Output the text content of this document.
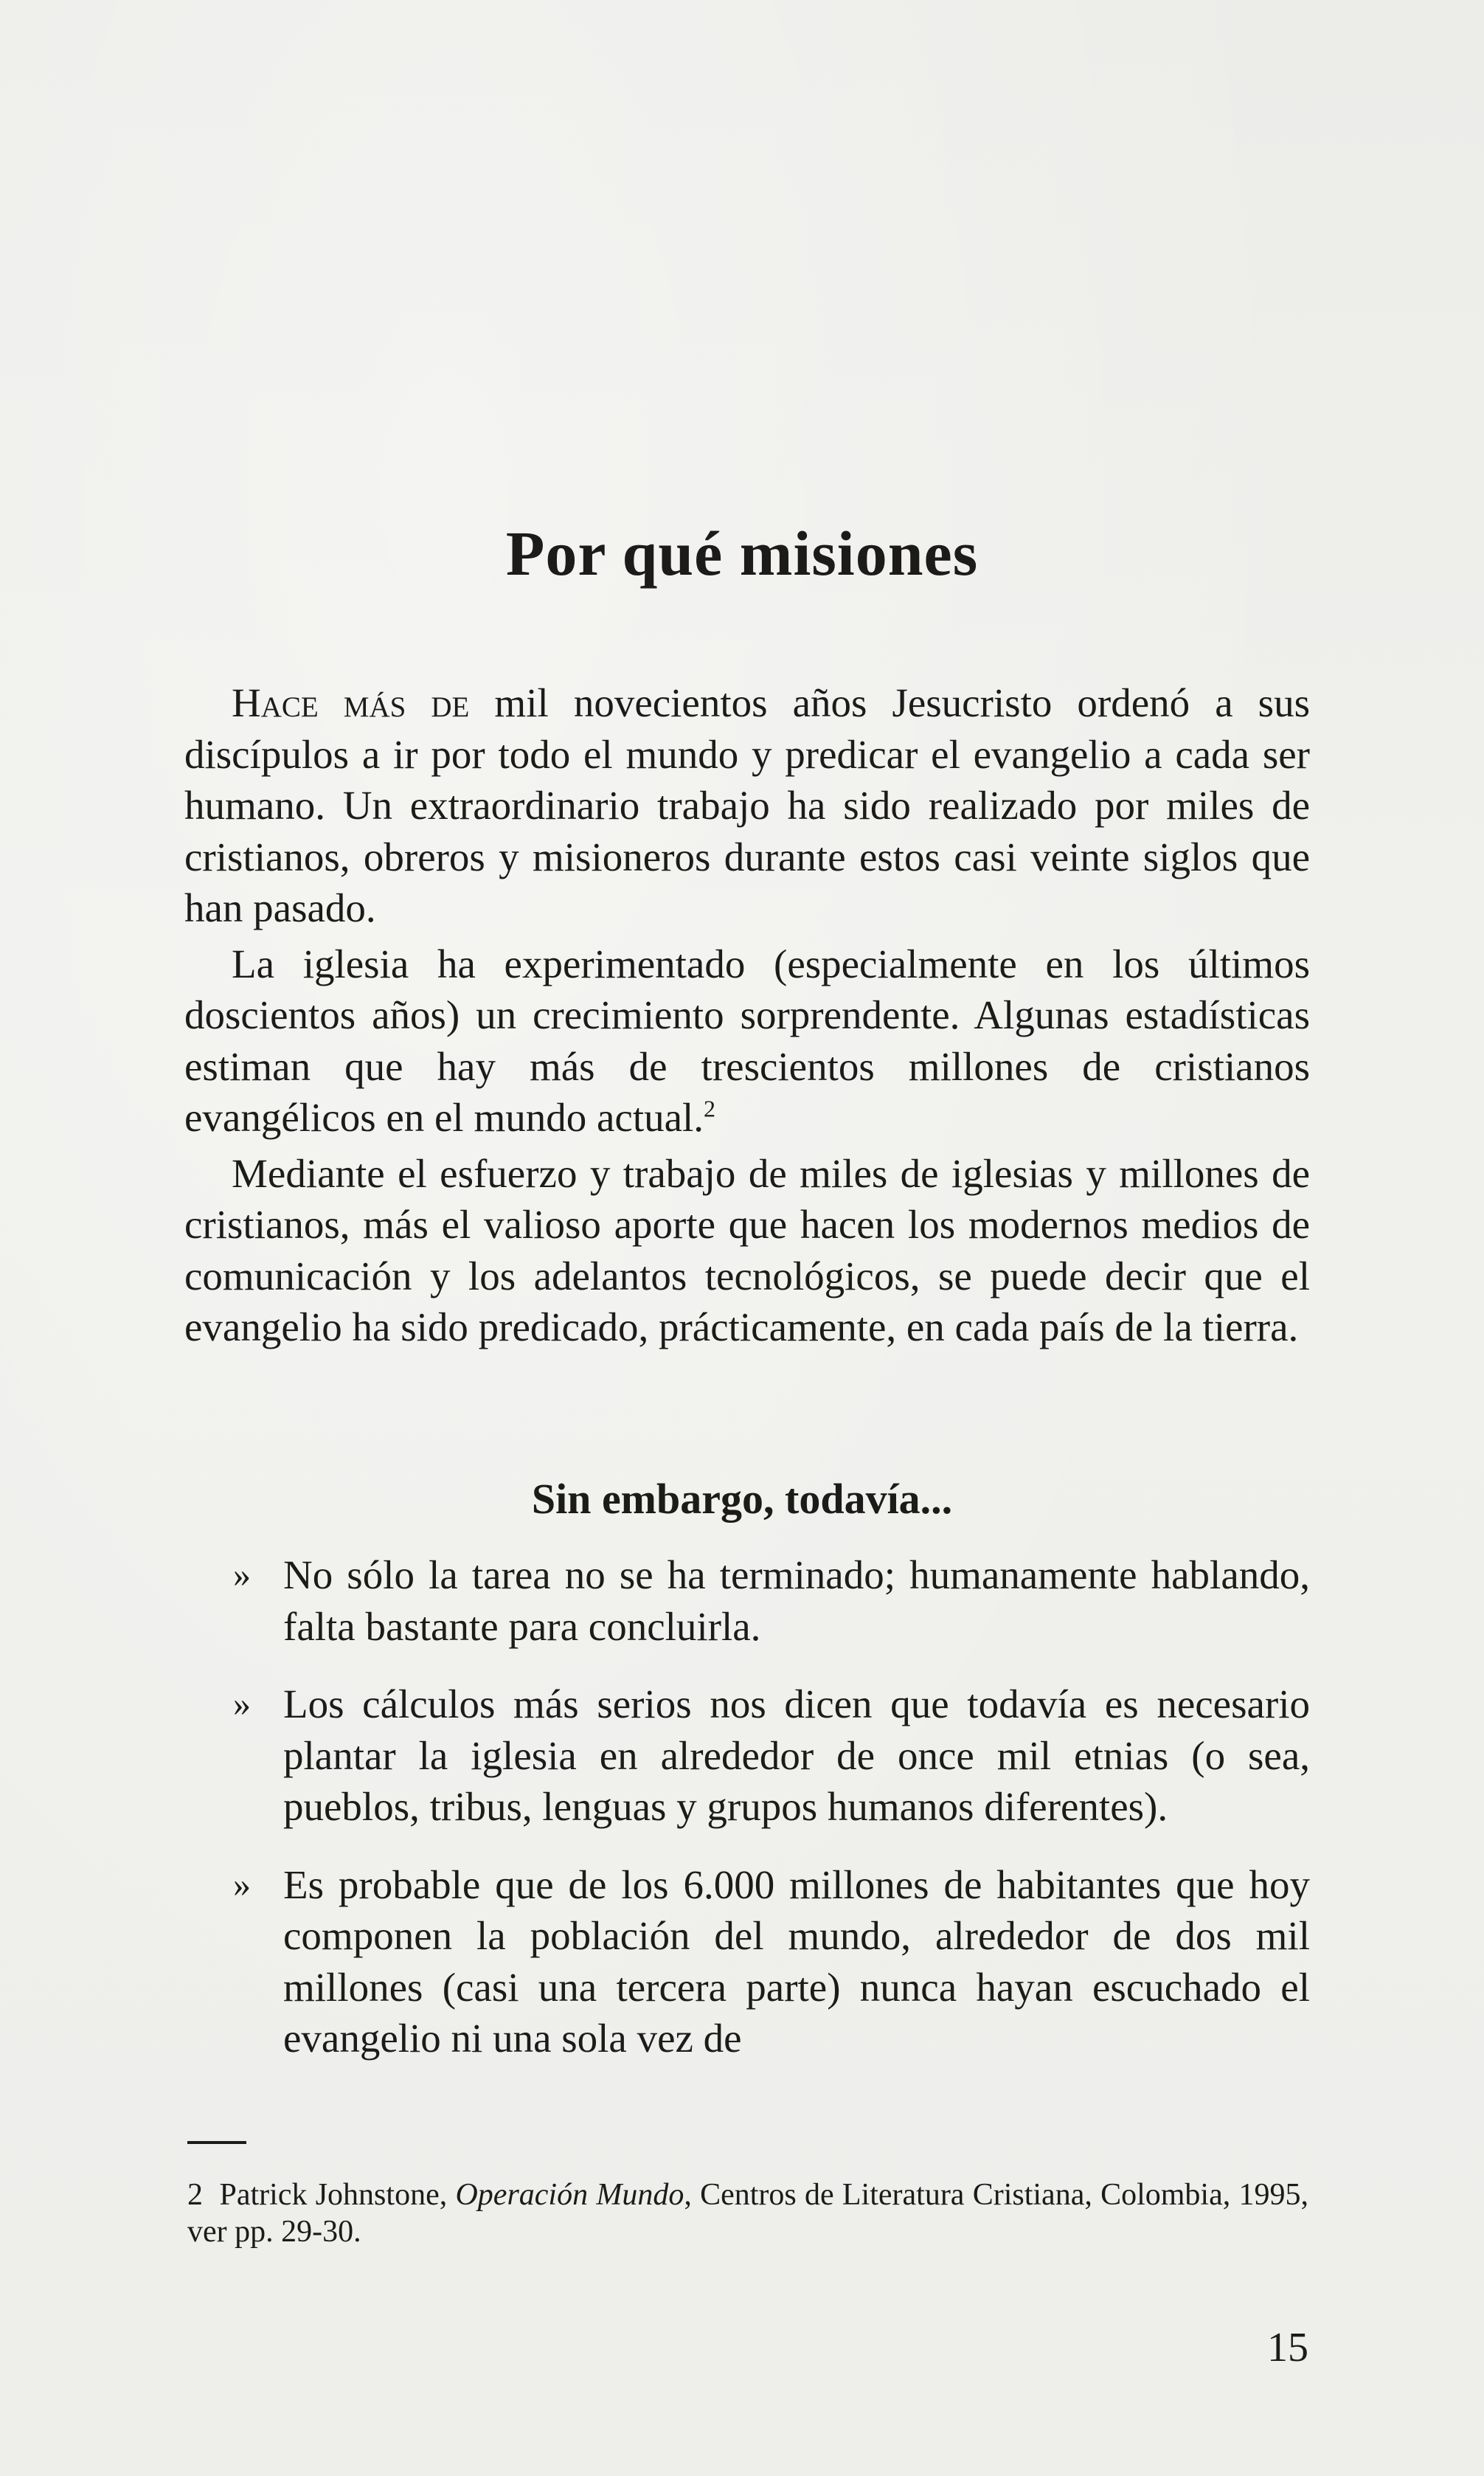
Por qué misiones

Hace más de mil novecientos años Jesucristo ordenó a sus discípulos a ir por todo el mundo y predicar el evangelio a cada ser humano. Un extraordinario trabajo ha sido realizado por miles de cristianos, obreros y misioneros durante estos casi veinte siglos que han pasado.

La iglesia ha experimentado (especialmente en los últimos doscientos años) un crecimiento sorprendente. Algunas estadísticas estiman que hay más de trescientos millones de cristianos evangélicos en el mundo actual.$^2$

Mediante el esfuerzo y trabajo de miles de iglesias y millones de cristianos, más el valioso aporte que hacen los modernos medios de comunicación y los adelantos tecnológicos, se puede decir que el evangelio ha sido predicado, prácticamente, en cada país de la tierra.

Sin embargo, todavía...
» No sólo la tarea no se ha terminado; humanamente hablando, falta bastante para concluirla.
» Los cálculos más serios nos dicen que todavía es necesario plantar la iglesia en alrededor de once mil etnias (o sea, pueblos, tribus, lenguas y grupos humanos diferentes).
» Es probable que de los 6.000 millones de habitantes que hoy componen la población del mundo, alrededor de dos mil millones (casi una tercera parte) nunca hayan escuchado el evangelio ni una sola vez de
2 Patrick Johnstone, Operación Mundo, Centros de Literatura Cristiana, Colombia, 1995, ver pp. 29-30.
15
